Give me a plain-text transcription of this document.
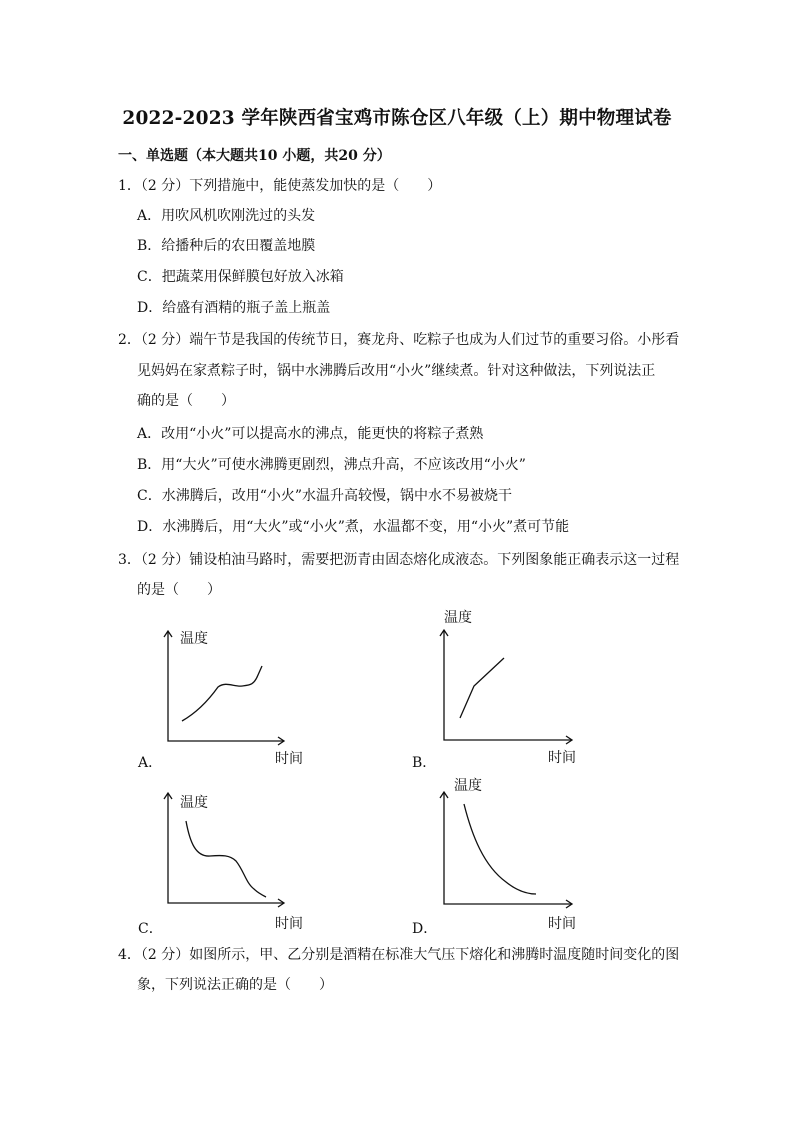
2022-2023 学年陕西省宝鸡市陈仓区八年级（上）期中物理试卷
一、单选题（本大题共10 小题，共20 分）
1．（2 分）下列措施中，能使蒸发加快的是（　　）
A．用吹风机吹刚洗过的头发
B．给播种后的农田覆盖地膜
C．把蔬菜用保鲜膜包好放入冰箱
D．给盛有酒精的瓶子盖上瓶盖
2．（2 分）端午节是我国的传统节日，赛龙舟、吃粽子也成为人们过节的重要习俗。小彤看
见妈妈在家煮粽子时，锅中水沸腾后改用“小火”继续煮。针对这种做法，下列说法正
确的是（　　）
A．改用“小火”可以提高水的沸点，能更快的将粽子煮熟
B．用“大火”可使水沸腾更剧烈，沸点升高，不应该改用“小火”
C．水沸腾后，改用“小火”水温升高较慢，锅中水不易被烧干
D．水沸腾后，用“大火”或“小火”煮，水温都不变，用“小火”煮可节能
3．（2 分）铺设柏油马路时，需要把沥青由固态熔化成液态。下列图象能正确表示这一过程
的是（　　）
温度
时间
A．
温度
时间
B．
温度
时间
C．
温度
时间
D．
4．（2 分）如图所示，甲、乙分别是酒精在标准大气压下熔化和沸腾时温度随时间变化的图
象，下列说法正确的是（　　）
